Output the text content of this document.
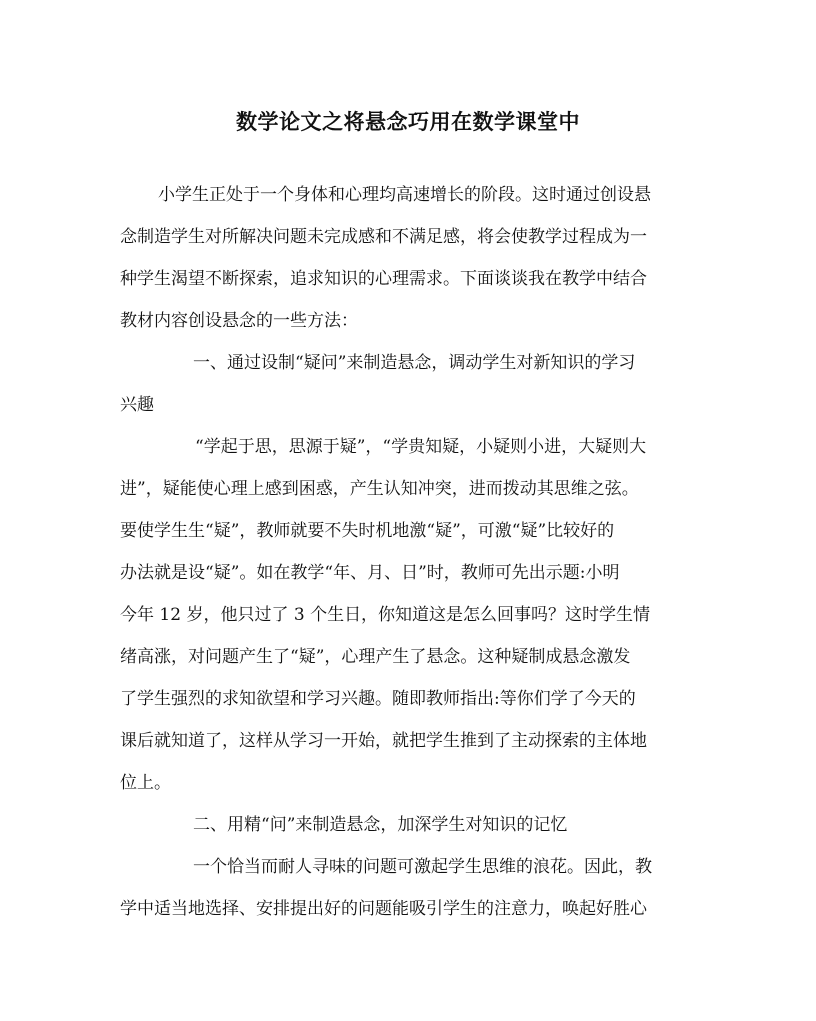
数学论文之将悬念巧用在数学课堂中
小学生正处于一个身体和心理均高速增长的阶段。这时通过创设悬
念制造学生对所解决问题未完成感和不满足感，将会使教学过程成为一
种学生渴望不断探索，追求知识的心理需求。下面谈谈我在教学中结合
教材内容创设悬念的一些方法：
一、通过设制“疑问”来制造悬念，调动学生对新知识的学习
兴趣
“学起于思，思源于疑”，“学贵知疑，小疑则小进，大疑则大
进”，疑能使心理上感到困惑，产生认知冲突，进而拨动其思维之弦。
要使学生生“疑”，教师就要不失时机地激“疑”，可激“疑”比较好的
办法就是设“疑”。如在教学“年、月、日”时，教师可先出示题:小明
今年 12 岁，他只过了 3 个生日，你知道这是怎么回事吗？这时学生情
绪高涨，对问题产生了“疑”，心理产生了悬念。这种疑制成悬念激发
了学生强烈的求知欲望和学习兴趣。随即教师指出:等你们学了今天的
课后就知道了，这样从学习一开始，就把学生推到了主动探索的主体地
位上。
二、用精“问”来制造悬念，加深学生对知识的记忆
一个恰当而耐人寻味的问题可激起学生思维的浪花。因此，教
学中适当地选择、安排提出好的问题能吸引学生的注意力，唤起好胜心
